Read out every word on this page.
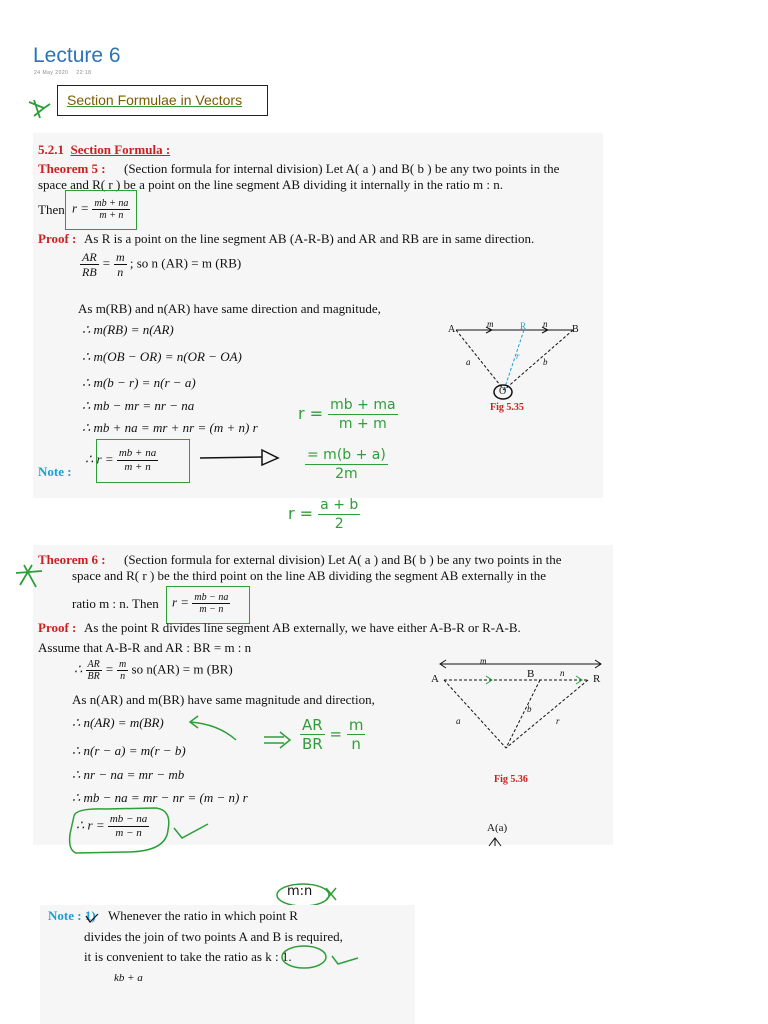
Lecture 6
24 May 2020 22:18
Section Formulae in Vectors
5.2.1 Section Formula :
Theorem 5 : (Section formula for internal division) Let A( a ) and B( b ) be any two points in the
space and R( r ) be a point on the line segment AB dividing it internally in the ratio m : n.
Then $r = \frac{mb + na}{m + n}$
Proof : As R is a point on the line segment AB (A-R-B) and AR and RB are in same direction.
$\frac{AR}{RB} = \frac{m}{n}$ ; so n (AR) = m (RB)
As m(RB) and n(AR) have same direction and magnitude,
∴ m(RB) = n(AR)
∴ m(OB − OR) = n(OR − OA)
∴ m(b − r) = n(r − a)
∴ mb − mr = nr − na
∴ mb + na = mr + nr = (m + n) r
∴ $r = \frac{mb + na}{m + n}$
Note :
A	B
R
O
m	n
a	b
r
Fig 5.35
$r = \frac{mb + ma}{m + m}$
$\frac{= m(b + a)}{2m}$
$r = \frac{a + b}{2}$
Theorem 6 : (Section formula for external division) Let A( a ) and B( b ) be any two points in the
space and R( r ) be the third point on the line AB dividing the segment AB externally in the
ratio m : n. Then $r = \frac{mb - na}{m - n}$
Proof : As the point R divides line segment AB externally, we have either A-B-R or R-A-B.
Assume that A-B-R and AR : BR = m : n
∴ $\frac{AR}{BR} = \frac{m}{n}$ so n(AR) = m (BR)
As n(AR) and m(BR) have same magnitude and direction,
∴ n(AR) = m(BR)
∴ n(r − a) = m(r − b)
∴ nr − na = mr − mb
∴ mb − na = mr − nr = (m − n) r
∴ $r = \frac{mb - na}{m - n}$
$\frac{AR}{BR} = \frac{m}{n}$
m
A	B	n	R
a
b
r
Fig 5.36
A(a)
m:n
Note : 1) Whenever the ratio in which point R
divides the join of two points A and B is required,
it is convenient to take the ratio as k : 1.
kb + a
